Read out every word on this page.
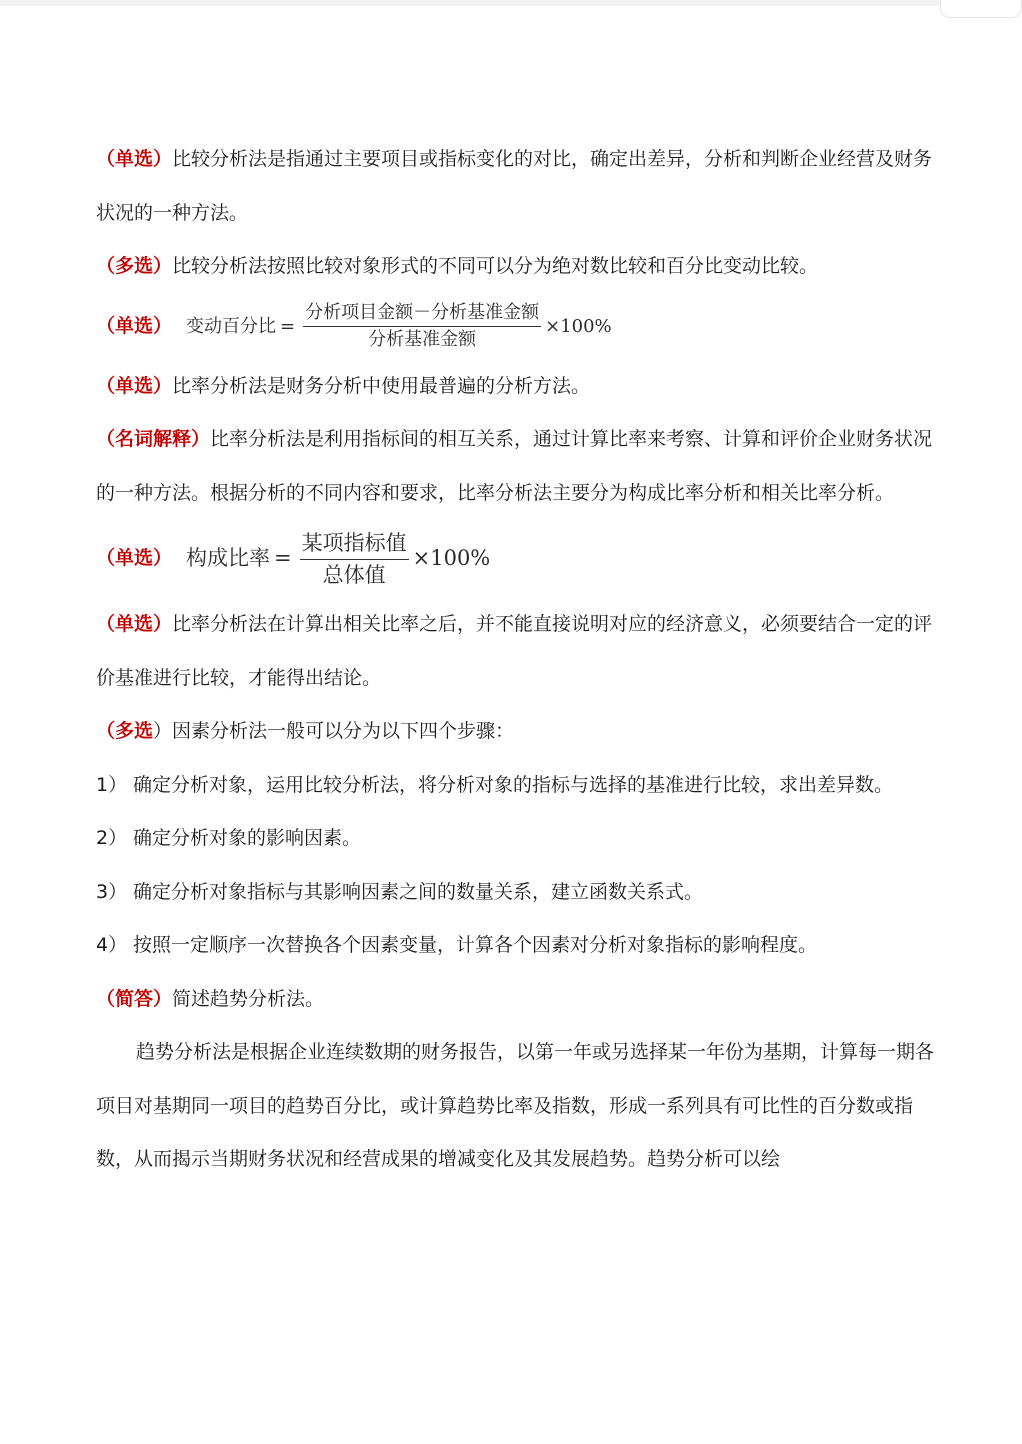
（单选）比较分析法是指通过主要项目或指标变化的对比，确定出差异，分析和判断企业经营及财务状况的一种方法。

（多选）比较分析法按照比较对象形式的不同可以分为绝对数比较和百分比变动比较。

（单选） 变动百分比 = $\frac{\text{分析项目金额－分析基准金额}}{\text{分析基准金额}} \times 100\%$

（单选）比率分析法是财务分析中使用最普遍的分析方法。

（名词解释）比率分析法是利用指标间的相互关系，通过计算比率来考察、计算和评价企业财务状况的一种方法。根据分析的不同内容和要求，比率分析法主要分为构成比率分析和相关比率分析。

（单选） 构成比率 = $\frac{\text{某项指标值}}{\text{总体值}} \times 100\%$

（单选）比率分析法在计算出相关比率之后，并不能直接说明对应的经济意义，必须要结合一定的评价基准进行比较，才能得出结论。

（多选）因素分析法一般可以分为以下四个步骤：

1） 确定分析对象，运用比较分析法，将分析对象的指标与选择的基准进行比较，求出差异数。

2） 确定分析对象的影响因素。

3） 确定分析对象指标与其影响因素之间的数量关系，建立函数关系式。

4） 按照一定顺序一次替换各个因素变量，计算各个因素对分析对象指标的影响程度。

（简答）简述趋势分析法。

趋势分析法是根据企业连续数期的财务报告，以第一年或另选择某一年份为基期，计算每一期各项目对基期同一项目的趋势百分比，或计算趋势比率及指数，形成一系列具有可比性的百分数或指数，从而揭示当期财务状况和经营成果的增减变化及其发展趋势。趋势分析可以绘
